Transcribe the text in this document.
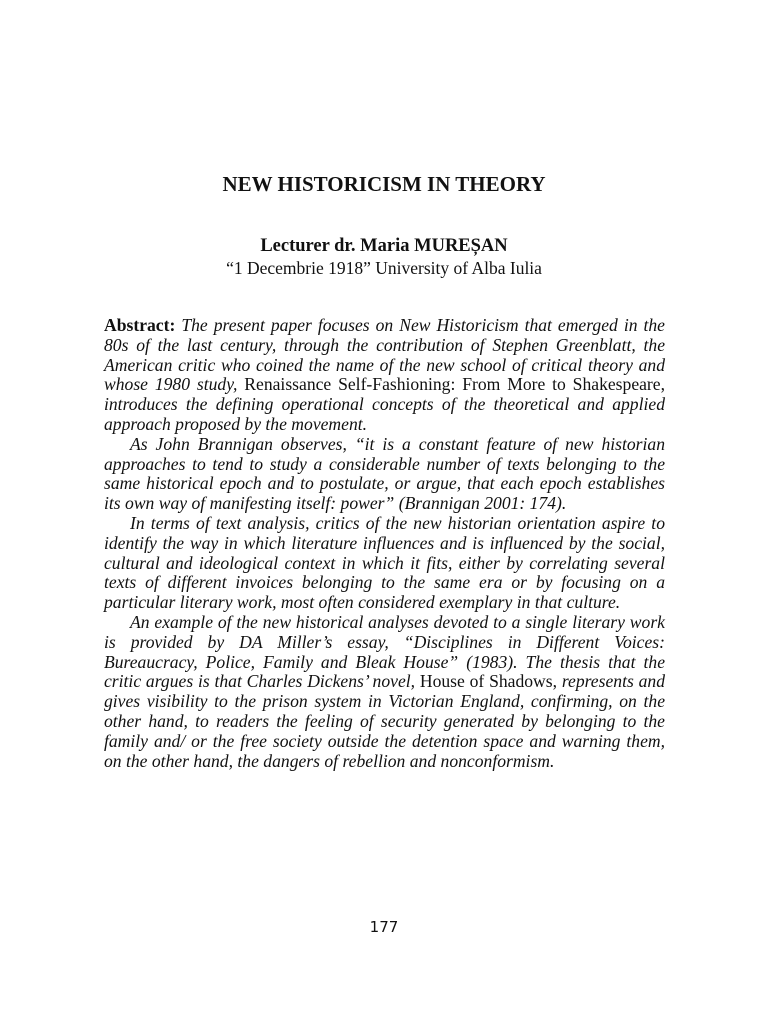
NEW HISTORICISM IN THEORY
Lecturer dr. Maria MUREȘAN
“1 Decembrie 1918” University of Alba Iulia

Abstract: The present paper focuses on New Historicism that emerged in the 80s of the last century, through the contribution of Stephen Greenblatt, the American critic who coined the name of the new school of critical theory and whose 1980 study, Renaissance Self-Fashioning: From More to Shakespeare, introduces the defining operational concepts of the theoretical and applied approach proposed by the movement.

As John Brannigan observes, “it is a constant feature of new historian approaches to tend to study a considerable number of texts belonging to the same historical epoch and to postulate, or argue, that each epoch establishes its own way of manifesting itself: power” (Brannigan 2001: 174).

In terms of text analysis, critics of the new historian orientation aspire to identify the way in which literature influences and is influenced by the social, cultural and ideological context in which it fits, either by correlating several texts of different invoices belonging to the same era or by focusing on a particular literary work, most often considered exemplary in that culture.

An example of the new historical analyses devoted to a single literary work is provided by DA Miller’s essay, “Disciplines in Different Voices: Bureaucracy, Police, Family and Bleak House” (1983). The thesis that the critic argues is that Charles Dickens’ novel, House of Shadows, represents and gives visibility to the prison system in Victorian England, confirming, on the other hand, to readers the feeling of security generated by belonging to the family and/ or the free society outside the detention space and warning them, on the other hand, the dangers of rebellion and nonconformism.

177
